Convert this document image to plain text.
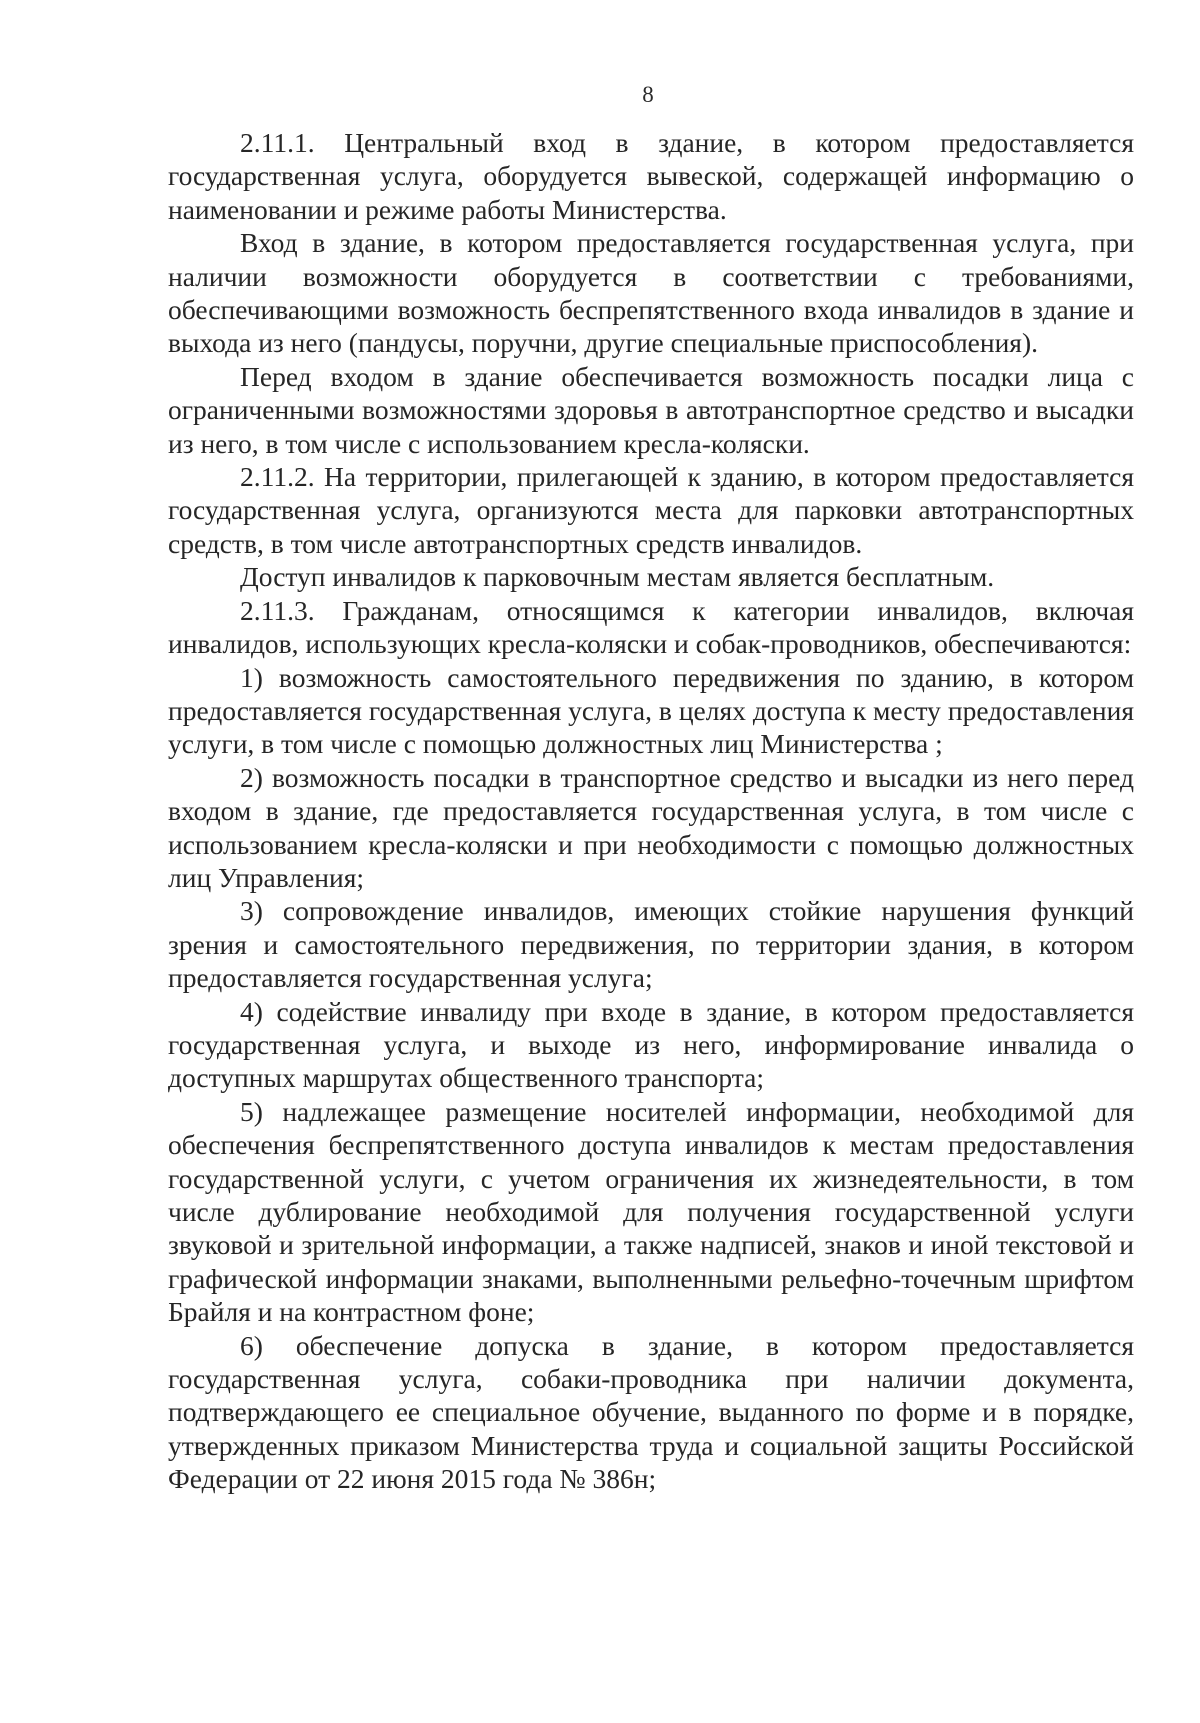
8

2.11.1. Центральный вход в здание, в котором предоставляется государственная услуга, оборудуется вывеской, содержащей информацию о наименовании и режиме работы Министерства.

Вход в здание, в котором предоставляется государственная услуга, при наличии возможности оборудуется в соответствии с требованиями, обеспечивающими возможность беспрепятственного входа инвалидов в здание и выхода из него (пандусы, поручни, другие специальные приспособления).

Перед входом в здание обеспечивается возможность посадки лица с ограниченными возможностями здоровья в автотранспортное средство и высадки из него, в том числе с использованием кресла-коляски.

2.11.2. На территории, прилегающей к зданию, в котором предоставляется государственная услуга, организуются места для парковки автотранспортных средств, в том числе автотранспортных средств инвалидов.

Доступ инвалидов к парковочным местам является бесплатным.

2.11.3. Гражданам, относящимся к категории инвалидов, включая инвалидов, использующих кресла-коляски и собак-проводников, обеспечиваются:

1) возможность самостоятельного передвижения по зданию, в котором предоставляется государственная услуга, в целях доступа к месту предоставления услуги, в том числе с помощью должностных лиц Министерства ;

2) возможность посадки в транспортное средство и высадки из него перед входом в здание, где предоставляется государственная услуга, в том числе с использованием кресла-коляски и при необходимости с помощью должностных лиц Управления;

3) сопровождение инвалидов, имеющих стойкие нарушения функций зрения и самостоятельного передвижения, по территории здания, в котором предоставляется государственная услуга;

4) содействие инвалиду при входе в здание, в котором предоставляется государственная услуга, и выходе из него, информирование инвалида о доступных маршрутах общественного транспорта;

5) надлежащее размещение носителей информации, необходимой для обеспечения беспрепятственного доступа инвалидов к местам предоставления государственной услуги, с учетом ограничения их жизнедеятельности, в том числе дублирование необходимой для получения государственной услуги звуковой и зрительной информации, а также надписей, знаков и иной текстовой и графической информации знаками, выполненными рельефно-точечным шрифтом Брайля и на контрастном фоне;

6) обеспечение допуска в здание, в котором предоставляется государственная услуга, собаки-проводника при наличии документа, подтверждающего ее специальное обучение, выданного по форме и в порядке, утвержденных приказом Министерства труда и социальной защиты Российской Федерации от 22 июня 2015 года № 386н;
